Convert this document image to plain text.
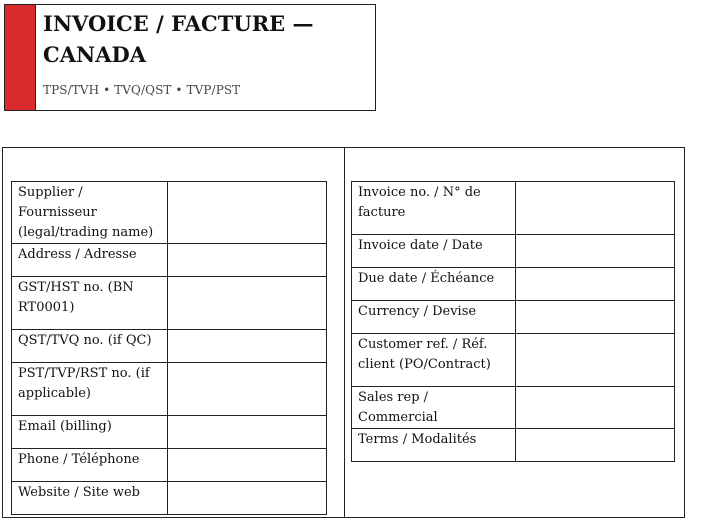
INVOICE / FACTURE — CANADA
TPS/TVH • TVQ/QST • TVP/PST
Supplier / Fournisseur (legal/trading name)	
Address / Adresse	
GST/HST no. (BN RT0001)	
QST/TVQ no. (if QC)	
PST/TVP/RST no. (if applicable)	
Email (billing)	
Phone / Téléphone	
Website / Site web	
Invoice no. / N° de facture	
Invoice date / Date	
Due date / Échéance	
Currency / Devise	
Customer ref. / Réf. client (PO/Contract)	
Sales rep / Commercial	
Terms / Modalités	
